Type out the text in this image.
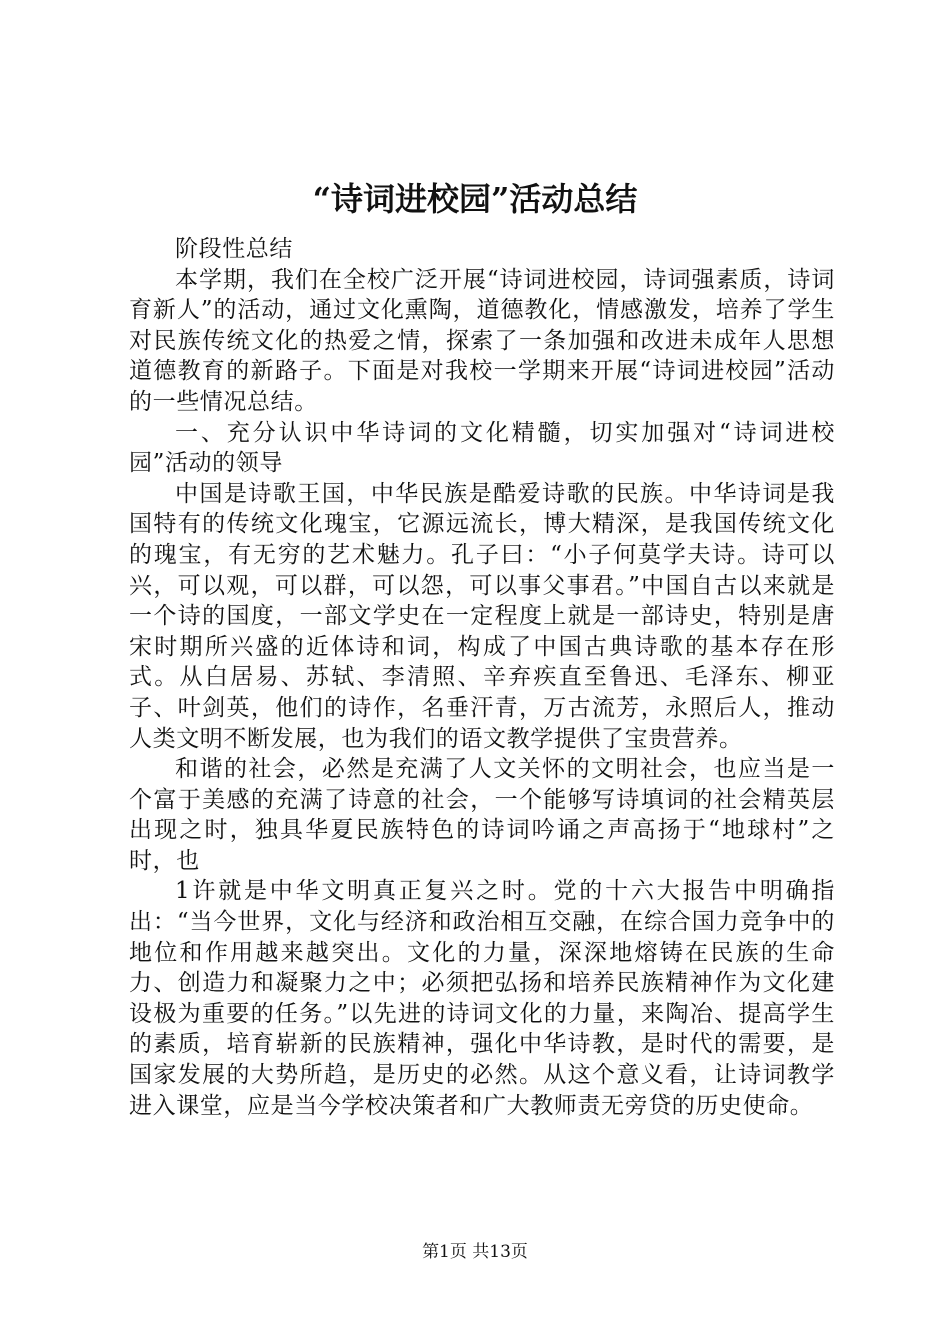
“诗词进校园”活动总结

阶段性总结

本学期，我们在全校广泛开展“诗词进校园，诗词强素质，诗词育新人”的活动，通过文化熏陶，道德教化，情感激发，培养了学生对民族传统文化的热爱之情，探索了一条加强和改进未成年人思想道德教育的新路子。下面是对我校一学期来开展“诗词进校园”活动的一些情况总结。

一、充分认识中华诗词的文化精髓，切实加强对“诗词进校园”活动的领导

中国是诗歌王国，中华民族是酷爱诗歌的民族。中华诗词是我国特有的传统文化瑰宝，它源远流长，博大精深，是我国传统文化的瑰宝，有无穷的艺术魅力。孔子曰：“小子何莫学夫诗。诗可以兴，可以观，可以群，可以怨，可以事父事君。”中国自古以来就是一个诗的国度，一部文学史在一定程度上就是一部诗史，特别是唐宋时期所兴盛的近体诗和词，构成了中国古典诗歌的基本存在形式。从白居易、苏轼、李清照、辛弃疾直至鲁迅、毛泽东、柳亚子、叶剑英，他们的诗作，名垂汗青，万古流芳，永照后人，推动人类文明不断发展，也为我们的语文教学提供了宝贵营养。

和谐的社会，必然是充满了人文关怀的文明社会，也应当是一个富于美感的充满了诗意的社会，一个能够写诗填词的社会精英层出现之时，独具华夏民族特色的诗词吟诵之声高扬于“地球村”之时，也

1许就是中华文明真正复兴之时。党的十六大报告中明确指出：“当今世界，文化与经济和政治相互交融，在综合国力竞争中的地位和作用越来越突出。文化的力量，深深地熔铸在民族的生命力、创造力和凝聚力之中；必须把弘扬和培养民族精神作为文化建设极为重要的任务。”以先进的诗词文化的力量，来陶冶、提高学生的素质，培育崭新的民族精神，强化中华诗教，是时代的需要，是国家发展的大势所趋，是历史的必然。从这个意义看，让诗词教学进入课堂，应是当今学校决策者和广大教师责无旁贷的历史使命。

第1页 共13页
